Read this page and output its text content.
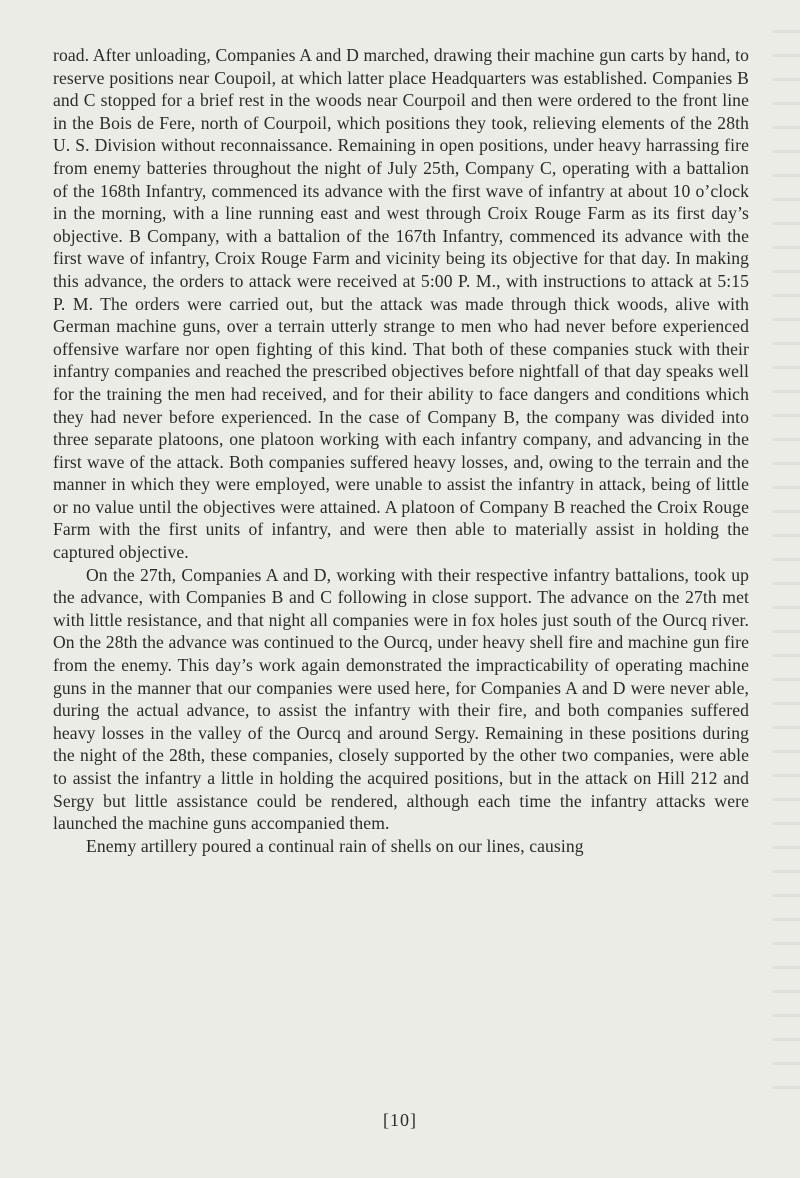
road. After unloading, Companies A and D marched, drawing their machine gun carts by hand, to reserve positions near Coupoil, at which latter place Headquarters was established. Companies B and C stopped for a brief rest in the woods near Courpoil and then were ordered to the front line in the Bois de Fere, north of Courpoil, which positions they took, relieving elements of the 28th U. S. Division without reconnaissance. Remaining in open positions, under heavy harrassing fire from enemy batteries throughout the night of July 25th, Company C, operating with a battalion of the 168th Infantry, commenced its advance with the first wave of infantry at about 10 o’clock in the morning, with a line running east and west through Croix Rouge Farm as its first day’s objective. B Company, with a battalion of the 167th Infantry, commenced its advance with the first wave of infantry, Croix Rouge Farm and vicinity being its objective for that day. In making this advance, the orders to attack were received at 5:00 P. M., with instructions to attack at 5:15 P. M. The orders were carried out, but the attack was made through thick woods, alive with German machine guns, over a terrain utterly strange to men who had never before experienced offensive warfare nor open fighting of this kind. That both of these companies stuck with their infantry companies and reached the prescribed objectives before nightfall of that day speaks well for the training the men had received, and for their ability to face dangers and conditions which they had never before experienced. In the case of Company B, the company was divided into three separate platoons, one platoon working with each infantry company, and advancing in the first wave of the attack. Both companies suffered heavy losses, and, owing to the terrain and the manner in which they were employed, were unable to assist the infantry in attack, being of little or no value until the objectives were attained. A platoon of Company B reached the Croix Rouge Farm with the first units of infantry, and were then able to materially assist in holding the captured objective.

On the 27th, Companies A and D, working with their respective infantry battalions, took up the advance, with Companies B and C following in close support. The advance on the 27th met with little resistance, and that night all companies were in fox holes just south of the Ourcq river. On the 28th the advance was continued to the Ourcq, under heavy shell fire and machine gun fire from the enemy. This day’s work again demonstrated the impracticability of operating machine guns in the manner that our companies were used here, for Companies A and D were never able, during the actual advance, to assist the infantry with their fire, and both companies suffered heavy losses in the valley of the Ourcq and around Sergy. Remaining in these positions during the night of the 28th, these companies, closely supported by the other two companies, were able to assist the infantry a little in holding the acquired positions, but in the attack on Hill 212 and Sergy but little assistance could be rendered, although each time the infantry attacks were launched the machine guns accompanied them.

Enemy artillery poured a continual rain of shells on our lines, causing

[10]
